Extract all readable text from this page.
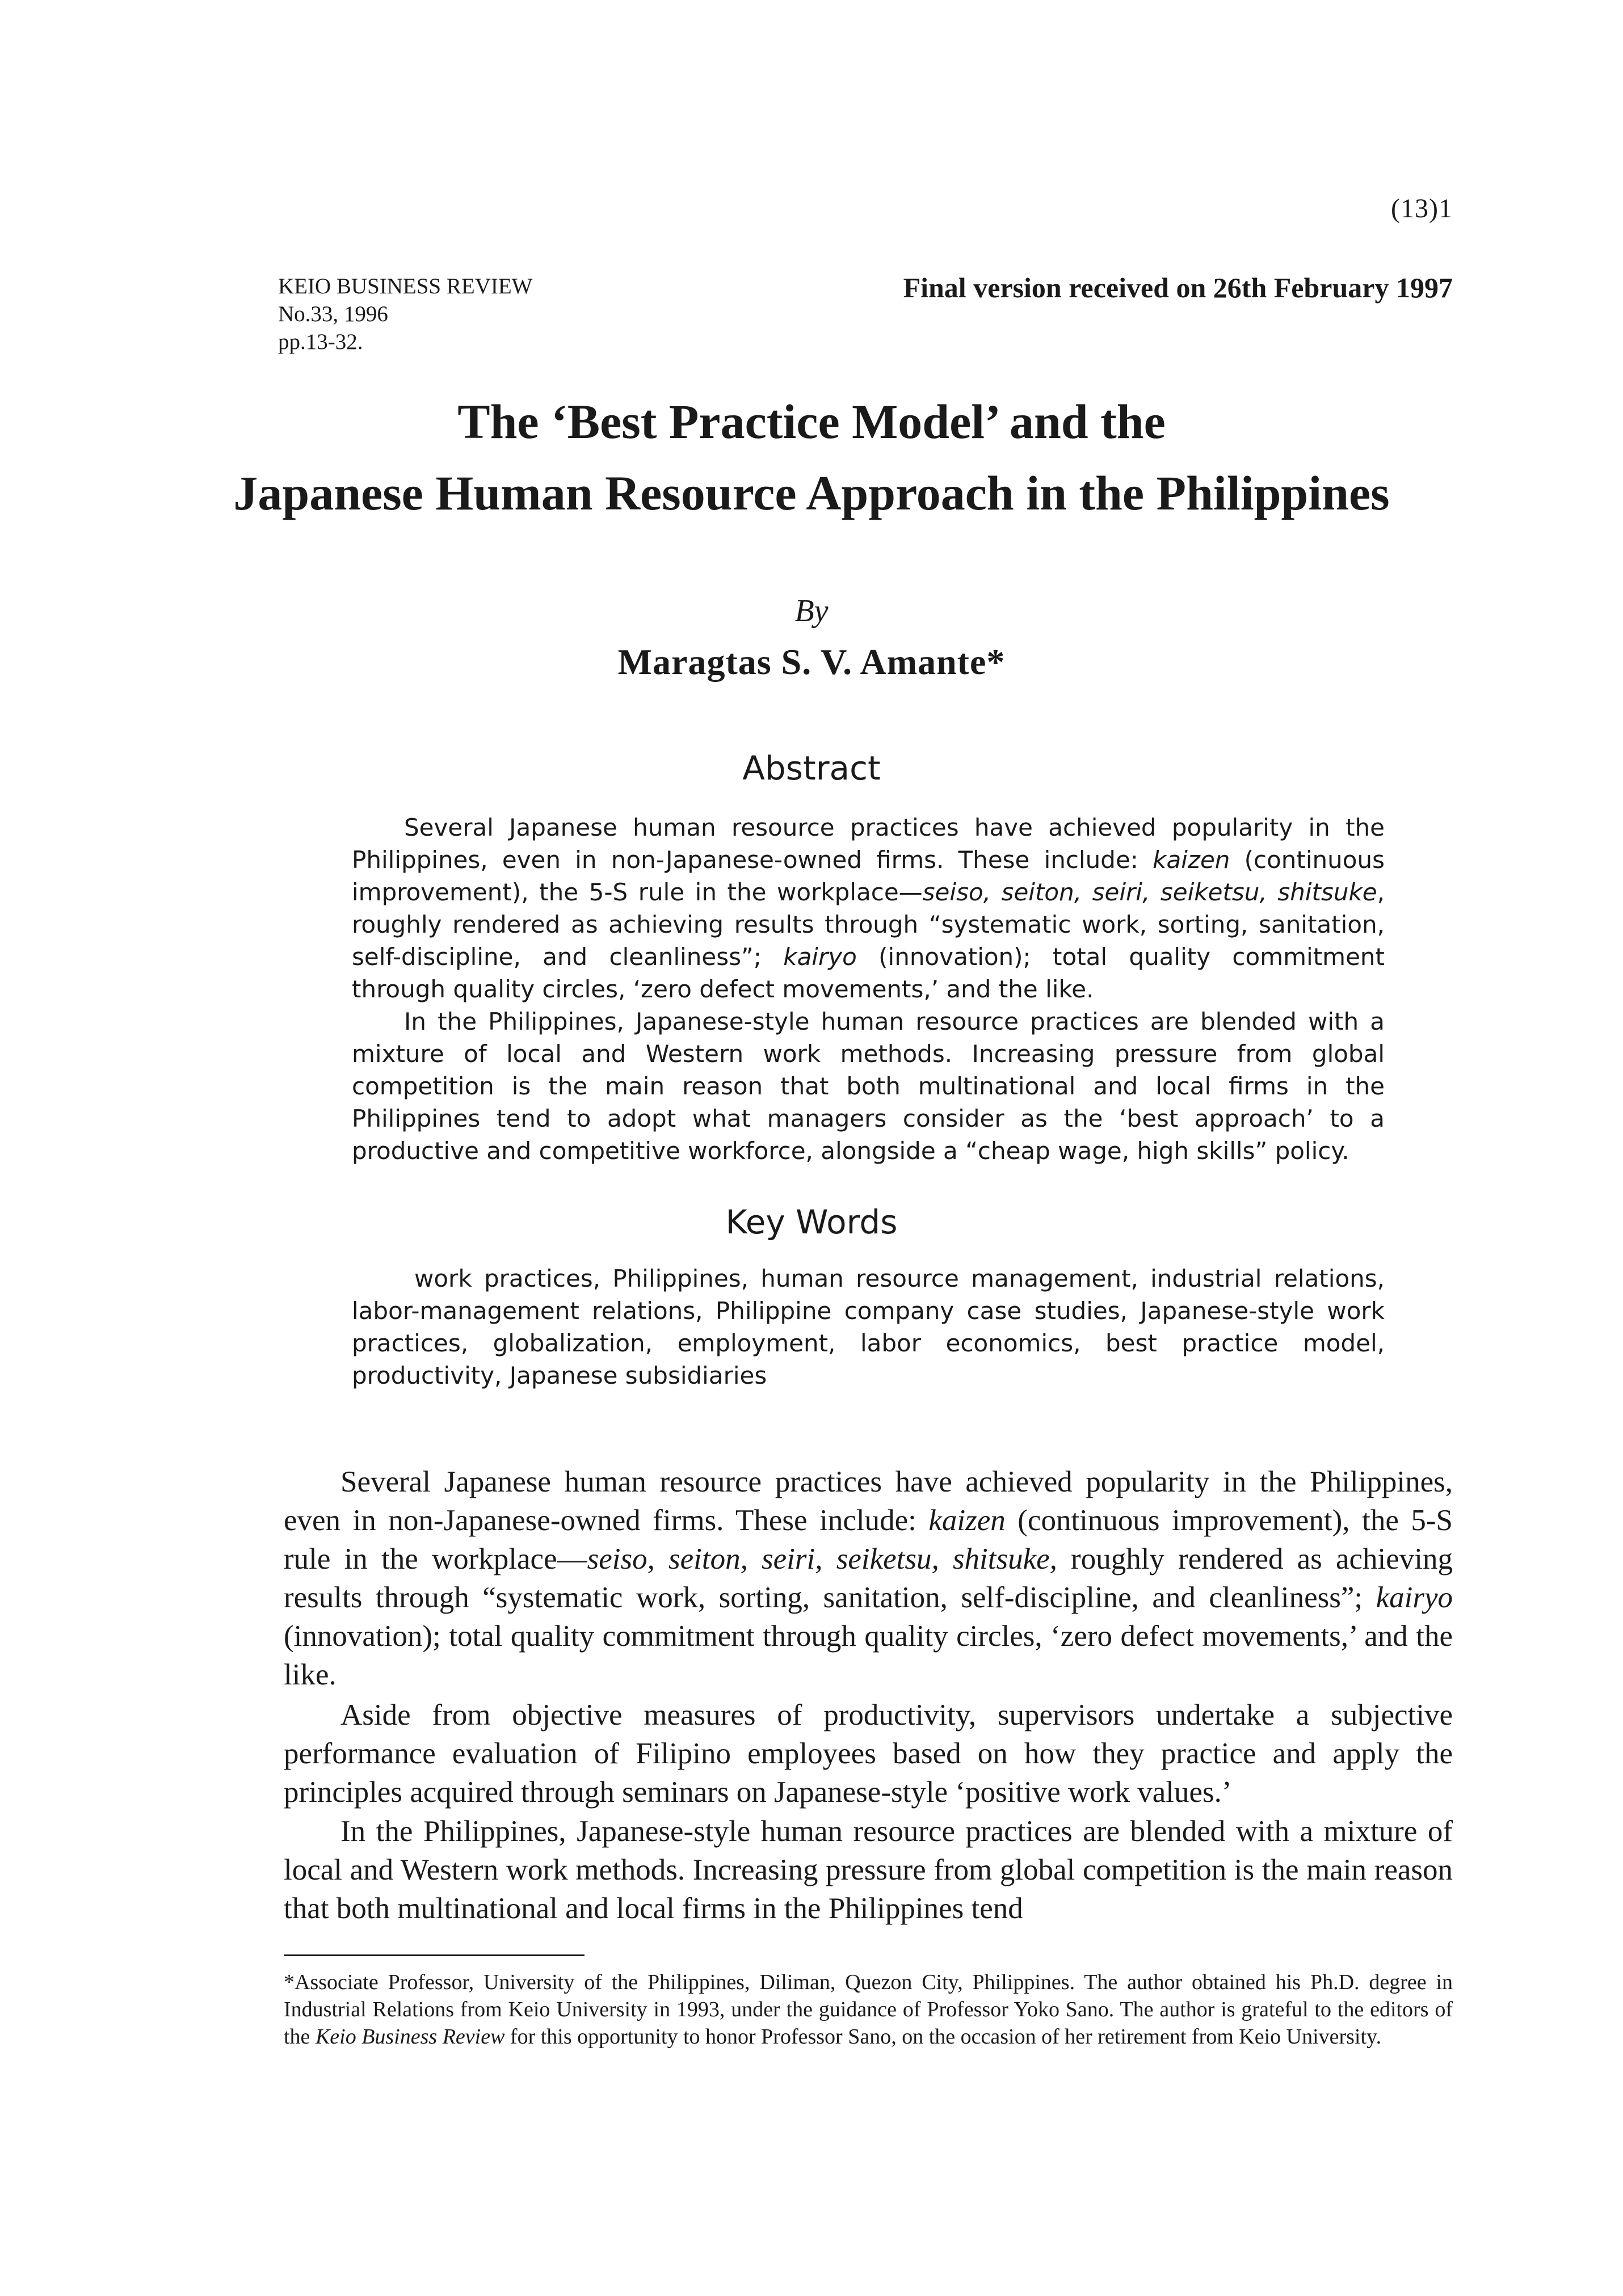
(13)1
KEIO BUSINESS REVIEW
No.33, 1996
pp.13-32.
Final version received on 26th February 1997
The ‘Best Practice Model’ and the
Japanese Human Resource Approach in the Philippines
By
Maragtas S. V. Amante*
Abstract
Several Japanese human resource practices have achieved popularity in the Philippines, even in non-Japanese-owned firms. These include: kaizen (continuous improvement), the 5-S rule in the workplace—seiso, seiton, seiri, seiketsu, shitsuke, roughly rendered as achieving results through “systematic work, sorting, sanitation, self-discipline, and cleanliness”; kairyo (innovation); total quality commitment through quality circles, ‘zero defect movements,’ and the like.
In the Philippines, Japanese-style human resource practices are blended with a mixture of local and Western work methods. Increasing pressure from global competition is the main reason that both multinational and local firms in the Philippines tend to adopt what managers consider as the ‘best approach’ to a productive and competitive workforce, alongside a “cheap wage, high skills” policy.
Key Words
work practices, Philippines, human resource management, industrial relations, labor-management relations, Philippine company case studies, Japanese-style work practices, globalization, employment, labor economics, best practice model, productivity, Japanese subsidiaries
Several Japanese human resource practices have achieved popularity in the Philippines, even in non-Japanese-owned firms. These include: kaizen (continuous improvement), the 5-S rule in the workplace—seiso, seiton, seiri, seiketsu, shitsuke, roughly rendered as achieving results through “systematic work, sorting, sanitation, self-discipline, and cleanliness”; kairyo (innovation); total quality commitment through quality circles, ‘zero defect movements,’ and the like.
Aside from objective measures of productivity, supervisors undertake a subjective performance evaluation of Filipino employees based on how they practice and apply the principles acquired through seminars on Japanese-style ‘positive work values.’
In the Philippines, Japanese-style human resource practices are blended with a mixture of local and Western work methods. Increasing pressure from global competition is the main reason that both multinational and local firms in the Philippines tend
*Associate Professor, University of the Philippines, Diliman, Quezon City, Philippines. The author obtained his Ph.D. degree in Industrial Relations from Keio University in 1993, under the guidance of Professor Yoko Sano. The author is grateful to the editors of the Keio Business Review for this opportunity to honor Professor Sano, on the occasion of her retirement from Keio University.
